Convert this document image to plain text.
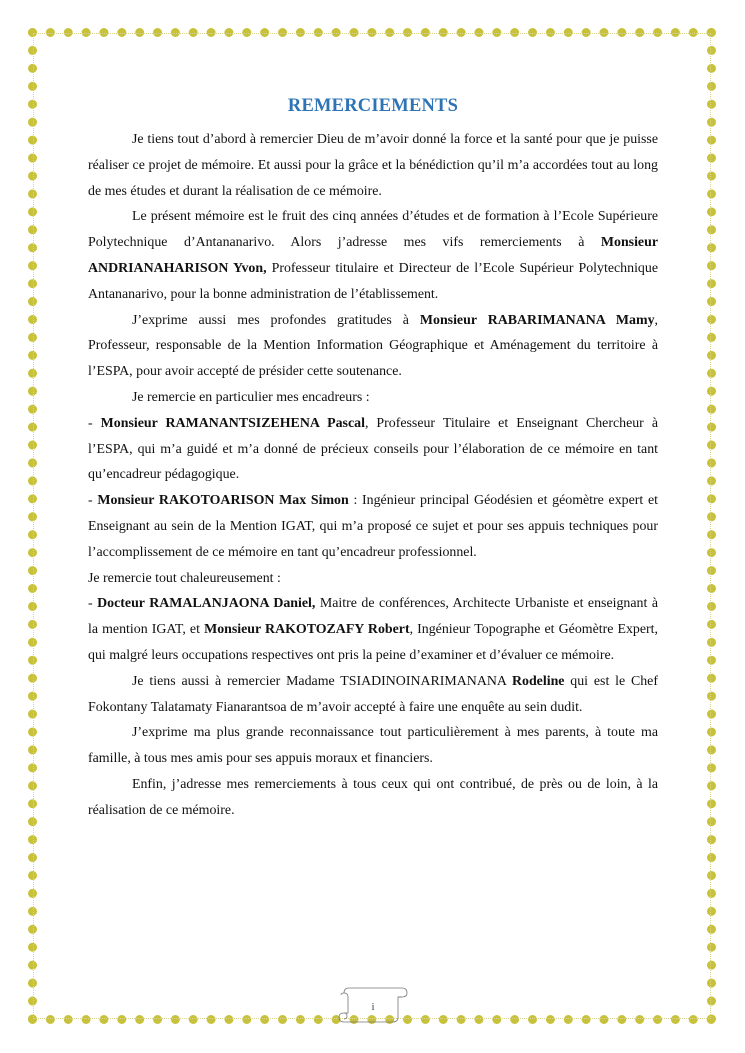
REMERCIEMENTS

Je tiens tout d’abord à remercier Dieu de m’avoir donné la force et la santé pour que je puisse réaliser ce projet de mémoire. Et aussi pour la grâce et la bénédiction qu’il m’a accordées tout au long de mes études et durant la réalisation de ce mémoire.

Le présent mémoire est le fruit des cinq années d’études et de formation à l’Ecole Supérieure Polytechnique d’Antananarivo. Alors j’adresse mes vifs remerciements à Monsieur ANDRIANAHARISON Yvon, Professeur titulaire et Directeur de l’Ecole Supérieur Polytechnique Antananarivo, pour la bonne administration de l’établissement.

J’exprime aussi mes profondes gratitudes à Monsieur RABARIMANANA Mamy, Professeur, responsable de la Mention Information Géographique et Aménagement du territoire à l’ESPA, pour avoir accepté de présider cette soutenance.

Je remercie en particulier mes encadreurs :

- Monsieur RAMANANTSIZEHENA Pascal, Professeur Titulaire et Enseignant Chercheur à l’ESPA, qui m’a guidé et m’a donné de précieux conseils pour l’élaboration de ce mémoire en tant qu’encadreur pédagogique.

- Monsieur RAKOTOARISON Max Simon : Ingénieur principal Géodésien et géomètre expert et Enseignant au sein de la Mention IGAT, qui m’a proposé ce sujet et pour ses appuis techniques pour l’accomplissement de ce mémoire en tant qu’encadreur professionnel.

Je remercie tout chaleureusement :

- Docteur RAMALANJAONA Daniel, Maitre de conférences, Architecte Urbaniste et enseignant à la mention IGAT, et Monsieur RAKOTOZAFY Robert, Ingénieur Topographe et Géomètre Expert, qui malgré leurs occupations respectives ont pris la peine d’examiner et d’évaluer ce mémoire.

Je tiens aussi à remercier Madame TSIADINOINARIMANANA Rodeline qui est le Chef Fokontany Talatamaty Fianarantsoa de m’avoir accepté à faire une enquête au sein dudit.

J’exprime ma plus grande reconnaissance tout particulièrement à mes parents, à toute ma famille, à tous mes amis pour ses appuis moraux et financiers.

Enfin, j’adresse mes remerciements à tous ceux qui ont contribué, de près ou de loin, à la réalisation de ce mémoire.

i
